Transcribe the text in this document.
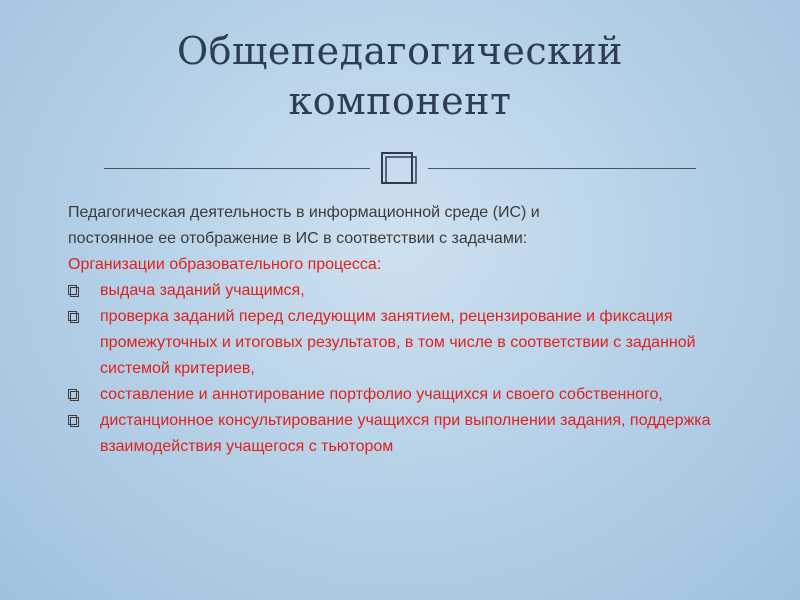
Общепедагогический
компонент

Педагогическая деятельность в информационной среде (ИС) и

постоянное ее отображение в ИС в соответствии с задачами:

Организации образовательного процесса:

выдача заданий учащимся,
проверка заданий перед следующим занятием, рецензирование и фиксация промежуточных и итоговых результатов, в том числе в соответствии с заданной системой критериев,
составление и аннотирование портфолио учащихся и своего собственного,
дистанционное консультирование учащихся при выполнении задания, поддержка взаимодействия учащегося с тьютором
